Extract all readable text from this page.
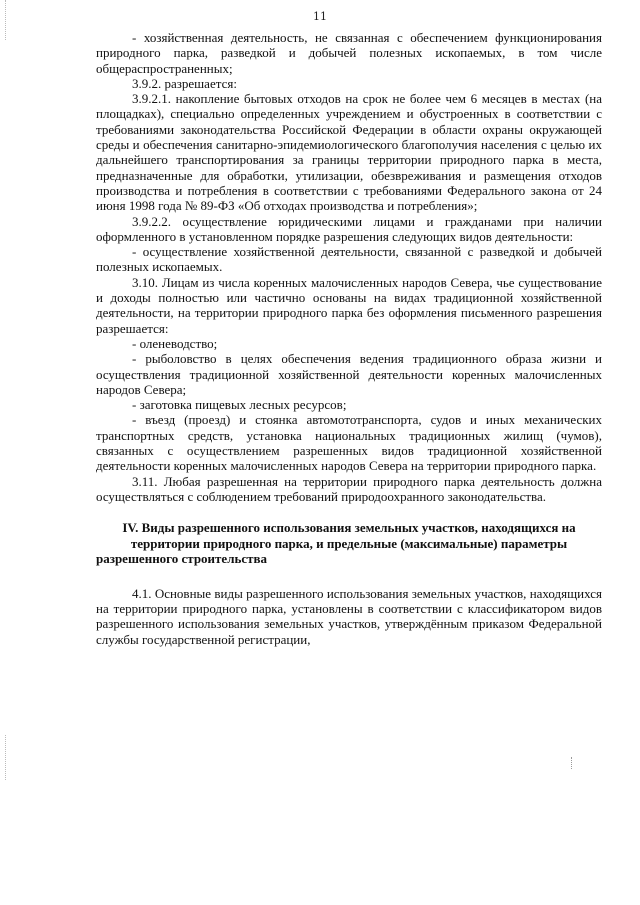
11

- хозяйственная деятельность, не связанная с обеспечением функционирования природного парка, разведкой и добычей полезных ископаемых, в том числе общераспространенных;

3.9.2. разрешается:

3.9.2.1. накопление бытовых отходов на срок не более чем 6 месяцев в местах (на площадках), специально определенных учреждением и обустроенных в соответствии с требованиями законодательства Российской Федерации в области охраны окружающей среды и обеспечения санитарно-эпидемиологического благополучия населения с целью их дальнейшего транспортирования за границы территории природного парка в места, предназначенные для обработки, утилизации, обезвреживания и размещения отходов производства и потребления в соответствии с требованиями Федерального закона от 24 июня 1998 года № 89-ФЗ «Об отходах производства и потребления»;

3.9.2.2. осуществление юридическими лицами и гражданами при наличии оформленного в установленном порядке разрешения следующих видов деятельности:

- осуществление хозяйственной деятельности, связанной с разведкой и добычей полезных ископаемых.

3.10. Лицам из числа коренных малочисленных народов Севера, чье существование и доходы полностью или частично основаны на видах традиционной хозяйственной деятельности, на территории природного парка без оформления письменного разрешения разрешается:

- оленеводство;

- рыболовство в целях обеспечения ведения традиционного образа жизни и осуществления традиционной хозяйственной деятельности коренных малочисленных народов Севера;

- заготовка пищевых лесных ресурсов;

- въезд (проезд) и стоянка автомототранспорта, судов и иных механических транспортных средств, установка национальных традиционных жилищ (чумов), связанных с осуществлением разрешенных видов традиционной хозяйственной деятельности коренных малочисленных народов Севера на территории природного парка.

3.11. Любая разрешенная на территории природного парка деятельность должна осуществляться с соблюдением требований природоохранного законодательства.

IV. Виды разрешенного использования земельных участков, находящихся на территории природного парка, и предельные (максимальные) параметры разрешенного строительства

4.1. Основные виды разрешенного использования земельных участков, находящихся на территории природного парка, установлены в соответствии с классификатором видов разрешенного использования земельных участков, утверждённым приказом Федеральной службы государственной регистрации,
